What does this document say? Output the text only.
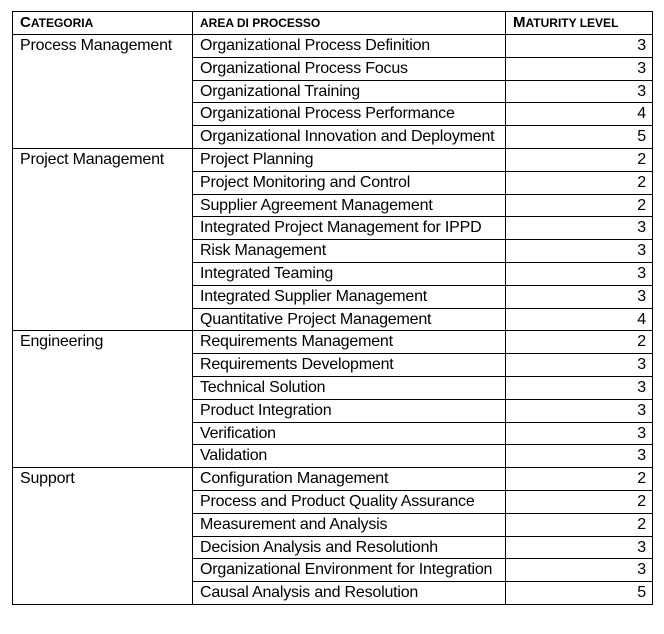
CATEGORIA	AREA DI PROCESSO	MATURITY LEVEL
Process Management	Organizational Process Definition	3
	Organizational Process Focus	3
	Organizational Training	3
	Organizational Process Performance	4
	Organizational Innovation and Deployment	5
Project Management	Project Planning	2
	Project Monitoring and Control	2
	Supplier Agreement Management	2
	Integrated Project Management for IPPD	3
	Risk Management	3
	Integrated Teaming	3
	Integrated Supplier Management	3
	Quantitative Project Management	4
Engineering	Requirements Management	2
	Requirements Development	3
	Technical Solution	3
	Product Integration	3
	Verification	3
	Validation	3
Support	Configuration Management	2
	Process and Product Quality Assurance	2
	Measurement and Analysis	2
	Decision Analysis and Resolutionh	3
	Organizational Environment for Integration	3
	Causal Analysis and Resolution	5
